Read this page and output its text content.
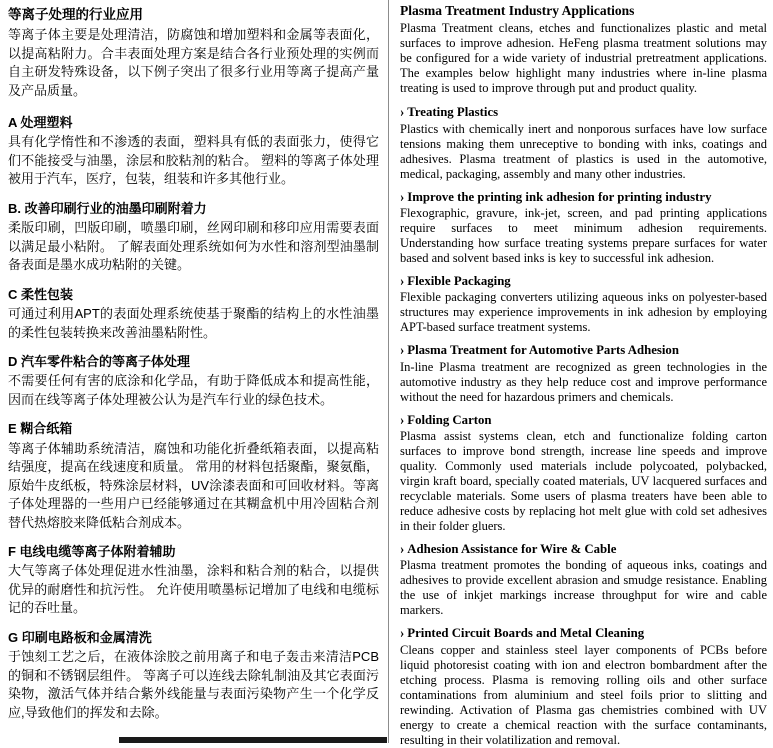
等离子处理的行业应用

等离子体主要是处理清洁，防腐蚀和增加塑料和金属等表面化，以提高粘附力。合丰表面处理方案是结合各行业预处理的实例而自主研发特殊设备，以下例子突出了很多行业用等离子提高产量及产品质量。

A 处理塑料

具有化学惰性和不渗透的表面，塑料具有低的表面张力，使得它们不能接受与油墨，涂层和胶粘剂的粘合。 塑料的等离子体处理被用于汽车，医疗，包装，组装和许多其他行业。

B. 改善印刷行业的油墨印刷附着力

柔版印刷，凹版印刷，喷墨印刷，丝网印刷和移印应用需要表面以满足最小粘附。 了解表面处理系统如何为水性和溶剂型油墨制备表面是墨水成功粘附的关键。

C 柔性包装

可通过利用APT的表面处理系统使基于聚酯的结构上的水性油墨的柔性包装转换来改善油墨粘附性。

D 汽车零件粘合的等离子体处理

不需要任何有害的底涂和化学品，有助于降低成本和提高性能，因而在线等离子体处理被公认为是汽车行业的绿色技术。

E 糊合纸箱

等离子体辅助系统清洁，腐蚀和功能化折叠纸箱表面，以提高粘结强度，提高在线速度和质量。 常用的材料包括聚酯，聚氨酯，原始牛皮纸板，特殊涂层材料，UV涂漆表面和可回收材料。等离子体处理器的一些用户已经能够通过在其糊盒机中用冷固粘合剂替代热熔胶来降低粘合剂成本。

F 电线电缆等离子体附着辅助

大气等离子体处理促进水性油墨，涂料和粘合剂的粘合，以提供优异的耐磨性和抗污性。 允许使用喷墨标记增加了电线和电缆标记的吞吐量。

G 印刷电路板和金属清洗

于蚀刻工艺之后，在液体涂胶之前用离子和电子轰击来清洁PCB的铜和不锈钢层组件。 等离子可以连线去除轧制油及其它表面污染物，激活气体并结合紫外线能量与表面污染物产生一个化学反应,导致他们的挥发和去除。

Plasma Treatment Industry Applications

Plasma Treatment cleans, etches and functionalizes plastic and metal surfaces to improve adhesion. HeFeng plasma treatment solutions may be configured for a wide variety of industrial pretreatment applications. The examples below highlight many industries where in-line plasma treating is used to improve through put and product quality.

› Treating Plastics

Plastics with chemically inert and nonporous surfaces have low surface tensions making them unreceptive to bonding with inks, coatings and adhesives. Plasma treatment of plastics is used in the automotive, medical, packaging, assembly and many other industries.

› Improve the printing ink adhesion for printing industry

Flexographic, gravure, ink-jet, screen, and pad printing applications require surfaces to meet minimum adhesion requirements. Understanding how surface treating systems prepare surfaces for water based and solvent based inks is key to successful ink adhesion.

› Flexible Packaging

Flexible packaging converters utilizing aqueous inks on polyester-based structures may experience improvements in ink adhesion by employing APT-based surface treatment systems.

› Plasma Treatment for Automotive Parts Adhesion

In-line Plasma treatment are recognized as green technologies in the automotive industry as they help reduce cost and improve performance without the need for hazardous primers and chemicals.

› Folding Carton

Plasma assist systems clean, etch and functionalize folding carton surfaces to improve bond strength, increase line speeds and improve quality. Commonly used materials include polycoated, polybacked, virgin kraft board, specially coated materials, UV lacquered surfaces and recyclable materials. Some users of plasma treaters have been able to reduce adhesive costs by replacing hot melt glue with cold set adhesives in their folder gluers.

› Adhesion Assistance for Wire & Cable

Plasma treatment promotes the bonding of aqueous inks, coatings and adhesives to provide excellent abrasion and smudge resistance. Enabling the use of inkjet markings increase throughput for wire and cable markers.

› Printed Circuit Boards and Metal Cleaning

Cleans copper and stainless steel layer components of PCBs before liquid photoresist coating with ion and electron bombardment after the etching process. Plasma is removing rolling oils and other surface contaminations from aluminium and steel foils prior to slitting and rewinding. Activation of Plasma gas chemistries combined with UV energy to create a chemical reaction with the surface contaminants, resulting in their volatilization and removal.
